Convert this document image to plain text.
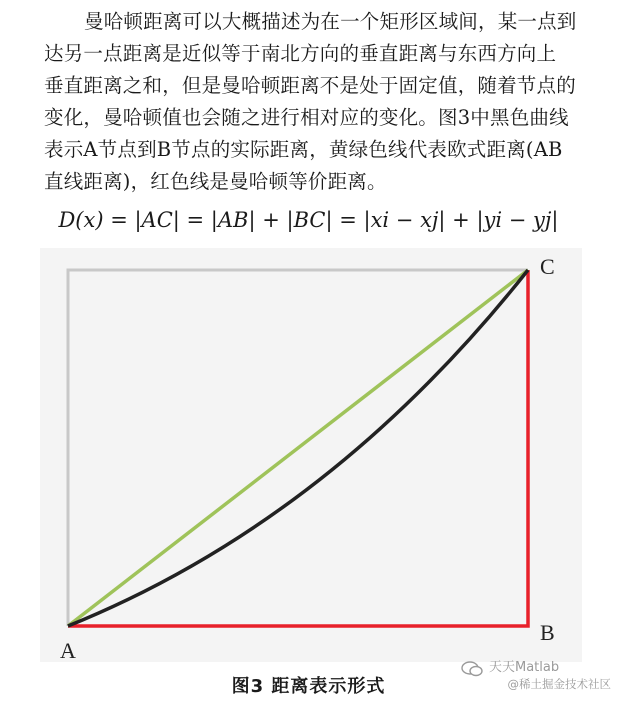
曼哈顿距离可以大概描述为在一个矩形区域间，某一点到
达另一点距离是近似等于南北方向的垂直距离与东西方向上
垂直距离之和，但是曼哈顿距离不是处于固定值，随着节点的
变化，曼哈顿值也会随之进行相对应的变化。图3中黑色曲线
表示A节点到B节点的实际距离，黄绿色线代表欧式距离(AB
直线距离)，红色线是曼哈顿等价距离。
D(x) = |AC| = |AB| + |BC| = |xi − xj| + |yi − yj|
A
B
C
图3 距离表示形式
天天Matlab
@稀土掘金技术社区
